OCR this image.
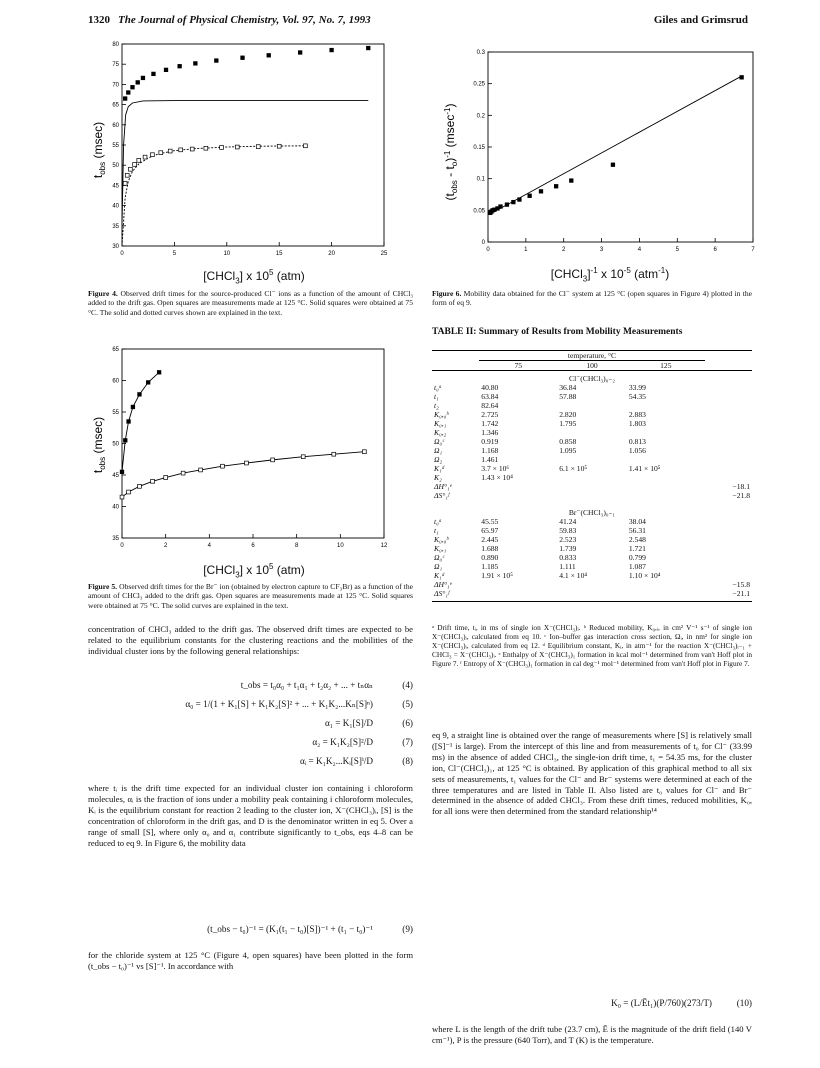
1320 The Journal of Physical Chemistry, Vol. 97, No. 7, 1993	Giles and Grimsrud
0	5	10	15	20	25
30
35
40
45
50
55
60
65
70
75
80
$t_{obs}$ (msec)
[CHCl$_3$] x $10^5$ (atm)
Figure 4. Observed drift times for the source-produced Cl⁻ ions as a function of the amount of CHCl₃ added to the drift gas. Open squares are measurements made at 125 °C. Solid squares were obtained at 75 °C. The solid and dotted curves shown are explained in the text.
0	2	4	6	8	10	12
35
40
45
50
55
60
65
$t_{obs}$ (msec)
[CHCl$_3$] x $10^5$ (atm)
Figure 5. Observed drift times for the Br⁻ ion (obtained by electron capture to CF₃Br) as a function of the amount of CHCl₃ added to the drift gas. Open squares are measurements made at 125 °C. Solid squares were obtained at 75 °C. The solid curves are explained in the text.

concentration of CHCl₃ added to the drift gas. The observed drift times are expected to be related to the equilibrium constants for the clustering reactions and the mobilities of the individual cluster ions by the following general relationships:

t_obs = t₀α₀ + t₁α₁ + t₂α₂ + ... + tₙαₙ	(4)
α₀ = 1/(1 + K₁[S] + K₁K₂[S]² + ... + K₁K₂...Kₙ[S]ⁿ)	(5)
α₁ = K₁[S]/D	(6)
α₂ = K₁K₂[S]²/D	(7)
αᵢ = K₁K₂...Kᵢ[S]ⁱ/D	(8)

where tᵢ is the drift time expected for an individual cluster ion containing i chloroform molecules, αᵢ is the fraction of ions under a mobility peak containing i chloroform molecules, Kᵢ is the equilibrium constant for reaction 2 leading to the cluster ion, X⁻(CHCl₃)ᵢ, [S] is the concentration of chloroform in the drift gas, and D is the denominator written in eq 5. Over a range of small [S], where only α₀ and α₁ contribute significantly to t_obs, eqs 4–8 can be reduced to eq 9. In Figure 6, the mobility data

(t_obs − t₀)⁻¹ = (K₁(t₁ − t₀)[S])⁻¹ + (t₁ − t₀)⁻¹	(9)

for the chloride system at 125 °C (Figure 4, open squares) have been plotted in the form (t_obs − t₀)⁻¹ vs [S]⁻¹. In accordance with

0	1	2	3	4	5	6	7
0
0.05
0.1
0.15
0.2
0.25
0.3
$(t_{obs} - t_o)^{-1}$ (msec$^{-1}$)
[CHCl$_3$]$^{-1}$ x $10^{-5}$ (atm$^{-1}$)
Figure 6. Mobility data obtained for the Cl⁻ system at 125 °C (open squares in Figure 4) plotted in the form of eq 9.
TABLE II: Summary of Results from Mobility Measurements
	temperature, °C			
	75	100	125	

	Cl⁻(CHCl₃)₀₋₂			
t₀ᵃ	40.80	36.84	33.99	
t₁	63.84	57.88	54.35	
t₂	82.64			
K₀,₀ᵇ	2.725	2.820	2.883	
K₀,₁	1.742	1.795	1.803	
K₀,₂	1.346			
Ω₀ᶜ	0.919	0.858	0.813	
Ω₁	1.168	1.095	1.056	
Ω₂	1.461			
K₁ᵈ	3.7 × 10⁶	6.1 × 10⁵	1.41 × 10⁵	
K₂	1.43 × 10⁴			
ΔH°₁ᵉ				−18.1
ΔS°₁ᶠ				−21.8

	Br⁻(CHCl₃)₀₋₁			
t₀ᵃ	45.55	41.24	38.04	
t₁	65.97	59.83	56.31	
K₀,₀ᵇ	2.445	2.523	2.548	
K₀,₁	1.688	1.739	1.721	
Ω₀ᶜ	0.890	0.833	0.799	
Ω₁	1.185	1.111	1.087	
K₁ᵈ	1.91 × 10⁵	4.1 × 10⁴	1.10 × 10⁴	
ΔH°₁ᵉ				−15.8
ΔS°₁ᶠ				−21.1

ᵃ Drift time, tᵢ, in ms of single ion X⁻(CHCl₃)ᵢ. ᵇ Reduced mobility, K₀,ᵢ, in cm² V⁻¹ s⁻¹ of single ion X⁻(CHCl₃)ᵢ, calculated from eq 10. ᶜ Ion–buffer gas interaction cross section, Ωᵢ, in nm² for single ion X⁻(CHCl₃)ᵢ, calculated from eq 12. ᵈ Equilibrium constant, Kᵢ, in atm⁻¹ for the reaction X⁻(CHCl₃)ᵢ₋₁ + CHCl₃ = X⁻(CHCl₃)ᵢ. ᵉ Enthalpy of X⁻(CHCl₃)₁ formation in kcal mol⁻¹ determined from van't Hoff plot in Figure 7. ᶠ Entropy of X⁻(CHCl₃)₁ formation in cal deg⁻¹ mol⁻¹ determined from van't Hoff plot in Figure 7.

eq 9, a straight line is obtained over the range of measurements where [S] is relatively small ([S]⁻¹ is large). From the intercept of this line and from measurements of t₀ for Cl⁻ (33.99 ms) in the absence of added CHCl₃, the single-ion drift time, t₁ = 54.35 ms, for the cluster ion, Cl⁻(CHCl₃)₁, at 125 °C is obtained. By application of this graphical method to all six sets of measurements, t₁ values for the Cl⁻ and Br⁻ systems were determined at each of the three temperatures and are listed in Table II. Also listed are t₀ values for Cl⁻ and Br⁻ determined in the absence of added CHCl₃. From these drift times, reduced mobilities, K₀, for all ions were then determined from the standard relationship¹⁴

K₀ = (L/Ēt₁)(P/760)(273/T)	(10)
where L is the length of the drift tube (23.7 cm), Ē is the magnitude of the drift field (140 V cm⁻¹), P is the pressure (640 Torr), and T (K) is the temperature.
